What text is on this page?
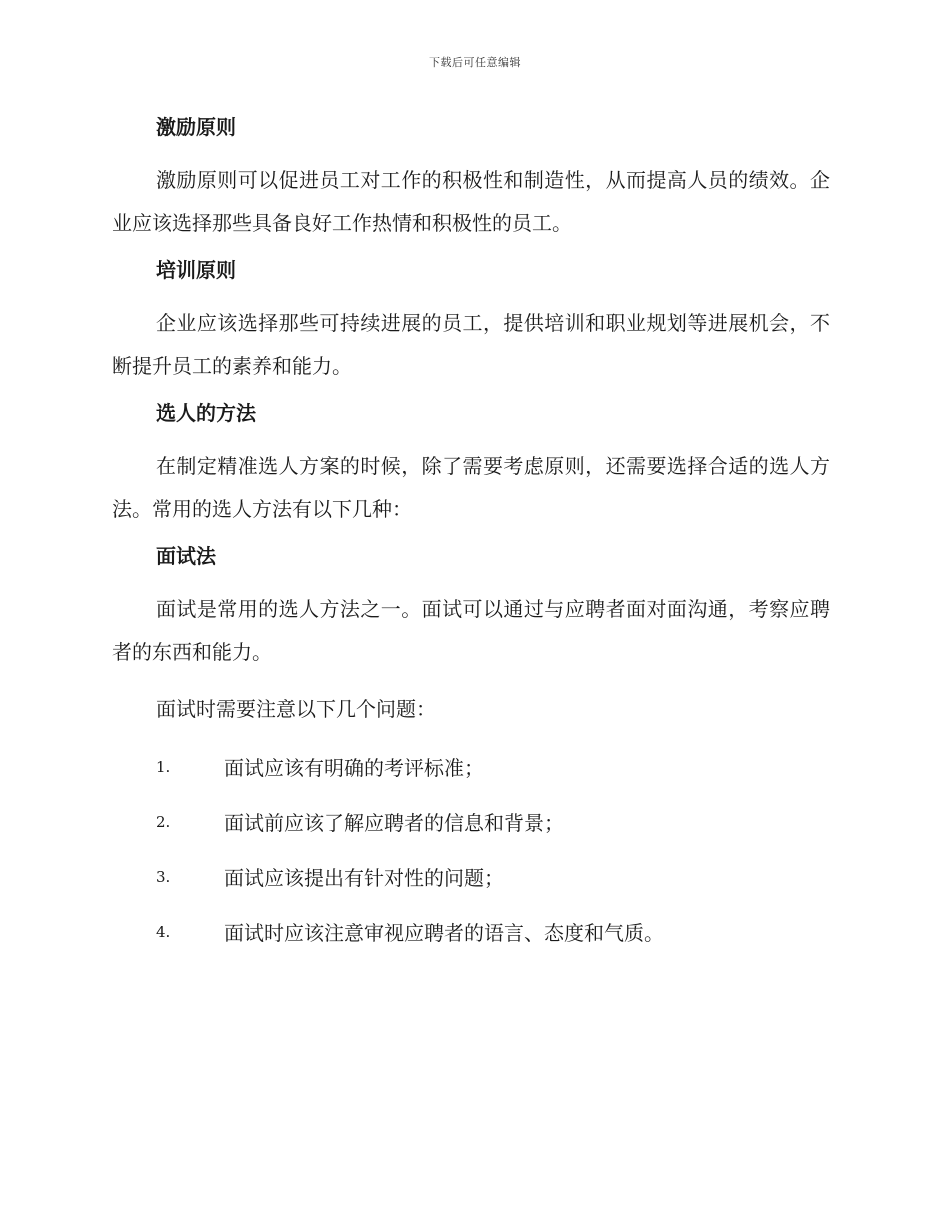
下载后可任意编辑
激励原则

激励原则可以促进员工对工作的积极性和制造性，从而提高人员的绩效。企业应该选择那些具备良好工作热情和积极性的员工。

培训原则

企业应该选择那些可持续进展的员工，提供培训和职业规划等进展机会，不断提升员工的素养和能力。

选人的方法

在制定精准选人方案的时候，除了需要考虑原则，还需要选择合适的选人方法。常用的选人方法有以下几种：

面试法

面试是常用的选人方法之一。面试可以通过与应聘者面对面沟通，考察应聘者的东西和能力。

面试时需要注意以下几个问题：

1.	面试应该有明确的考评标准；
2.	面试前应该了解应聘者的信息和背景；
3.	面试应该提出有针对性的问题；
4.	面试时应该注意审视应聘者的语言、态度和气质。
